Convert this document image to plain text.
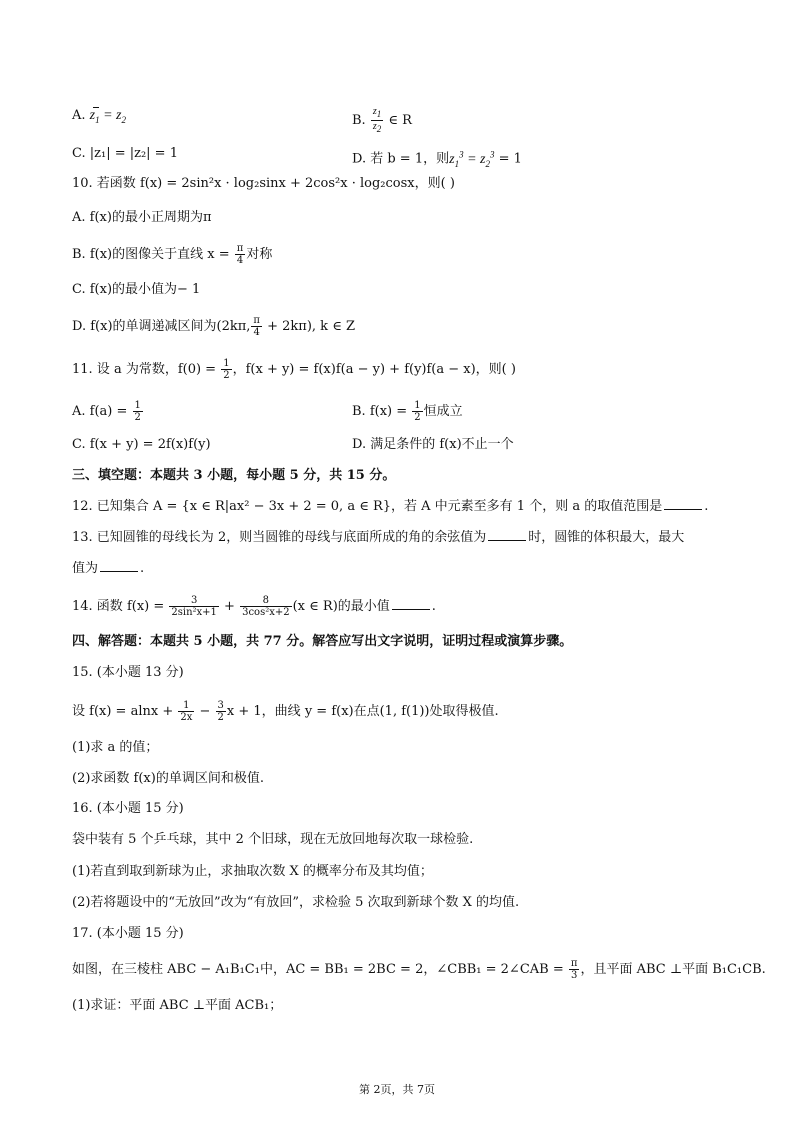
A. $z_1 = z_2$	B. $\frac{z_1}{z_2}$ ∈ R
C. |z₁| = |z₂| = 1	D. 若 b = 1，则$z_1^3 = z_2^3 = 1$
10. 若函数 f(x) = 2sin²x · log₂sinx + 2cos²x · log₂cosx，则( )
A. f(x)的最小正周期为π
B. f(x)的图像关于直线 $x = \frac{\pi}{4}$ 对称
C. f(x)的最小值为− 1
D. f(x)的单调递减区间为(2kπ, $\frac{\pi}{4} + 2k\pi$), k ∈ Z
11. 设 a 为常数，$f(0) = \frac{1}{2}$ ，f(x + y) = f(x)f(a − y) + f(y)f(a − x)，则( )
A. $f(a) = \frac{1}{2}$	B. $f(x) = \frac{1}{2}$ 恒成立
C. f(x + y) = 2f(x)f(y)	D. 满足条件的 f(x)不止一个
三、填空题：本题共 3 小题，每小题 5 分，共 15 分。
12. 已知集合 A = {x ∈ R|ax² − 3x + 2 = 0, a ∈ R}，若 A 中元素至多有 1 个，则 a 的取值范围是	.
13. 已知圆锥的母线长为 2，则当圆锥的母线与底面所成的角的余弦值为	时，圆锥的体积最大，最大
值为	.
14. 函数 $f(x) = \frac{3}{\text{2sin²x+1}} + \frac{8}{\text{3cos²x+2}} (x$ ∈ R)的最小值	.
四、解答题：本题共 5 小题，共 77 分。解答应写出文字说明，证明过程或演算步骤。
15. (本小题 13 分)
设 $f(x) = alnx + \frac{1}{2x} - \frac{3}{2}$ x + 1，曲线 y = f(x)在点(1, f(1))处取得极值.
(1)求 a 的值；
(2)求函数 f(x)的单调区间和极值.
16. (本小题 15 分)
袋中装有 5 个乒乓球，其中 2 个旧球，现在无放回地每次取一球检验.
(1)若直到取到新球为止，求抽取次数 X 的概率分布及其均值；
(2)若将题设中的“无放回”改为“有放回”，求检验 5 次取到新球个数 X 的均值.
17. (本小题 15 分)
如图，在三棱柱 ABC − A₁B₁C₁中，AC = BB₁ = 2BC = 2，∠CBB₁ = 2∠CAB = $\frac{\pi}{3}$ ，且平面 ABC ⊥平面 B₁C₁CB.
(1)求证：平面 ABC ⊥平面 ACB₁；
第 2页，共 7页
